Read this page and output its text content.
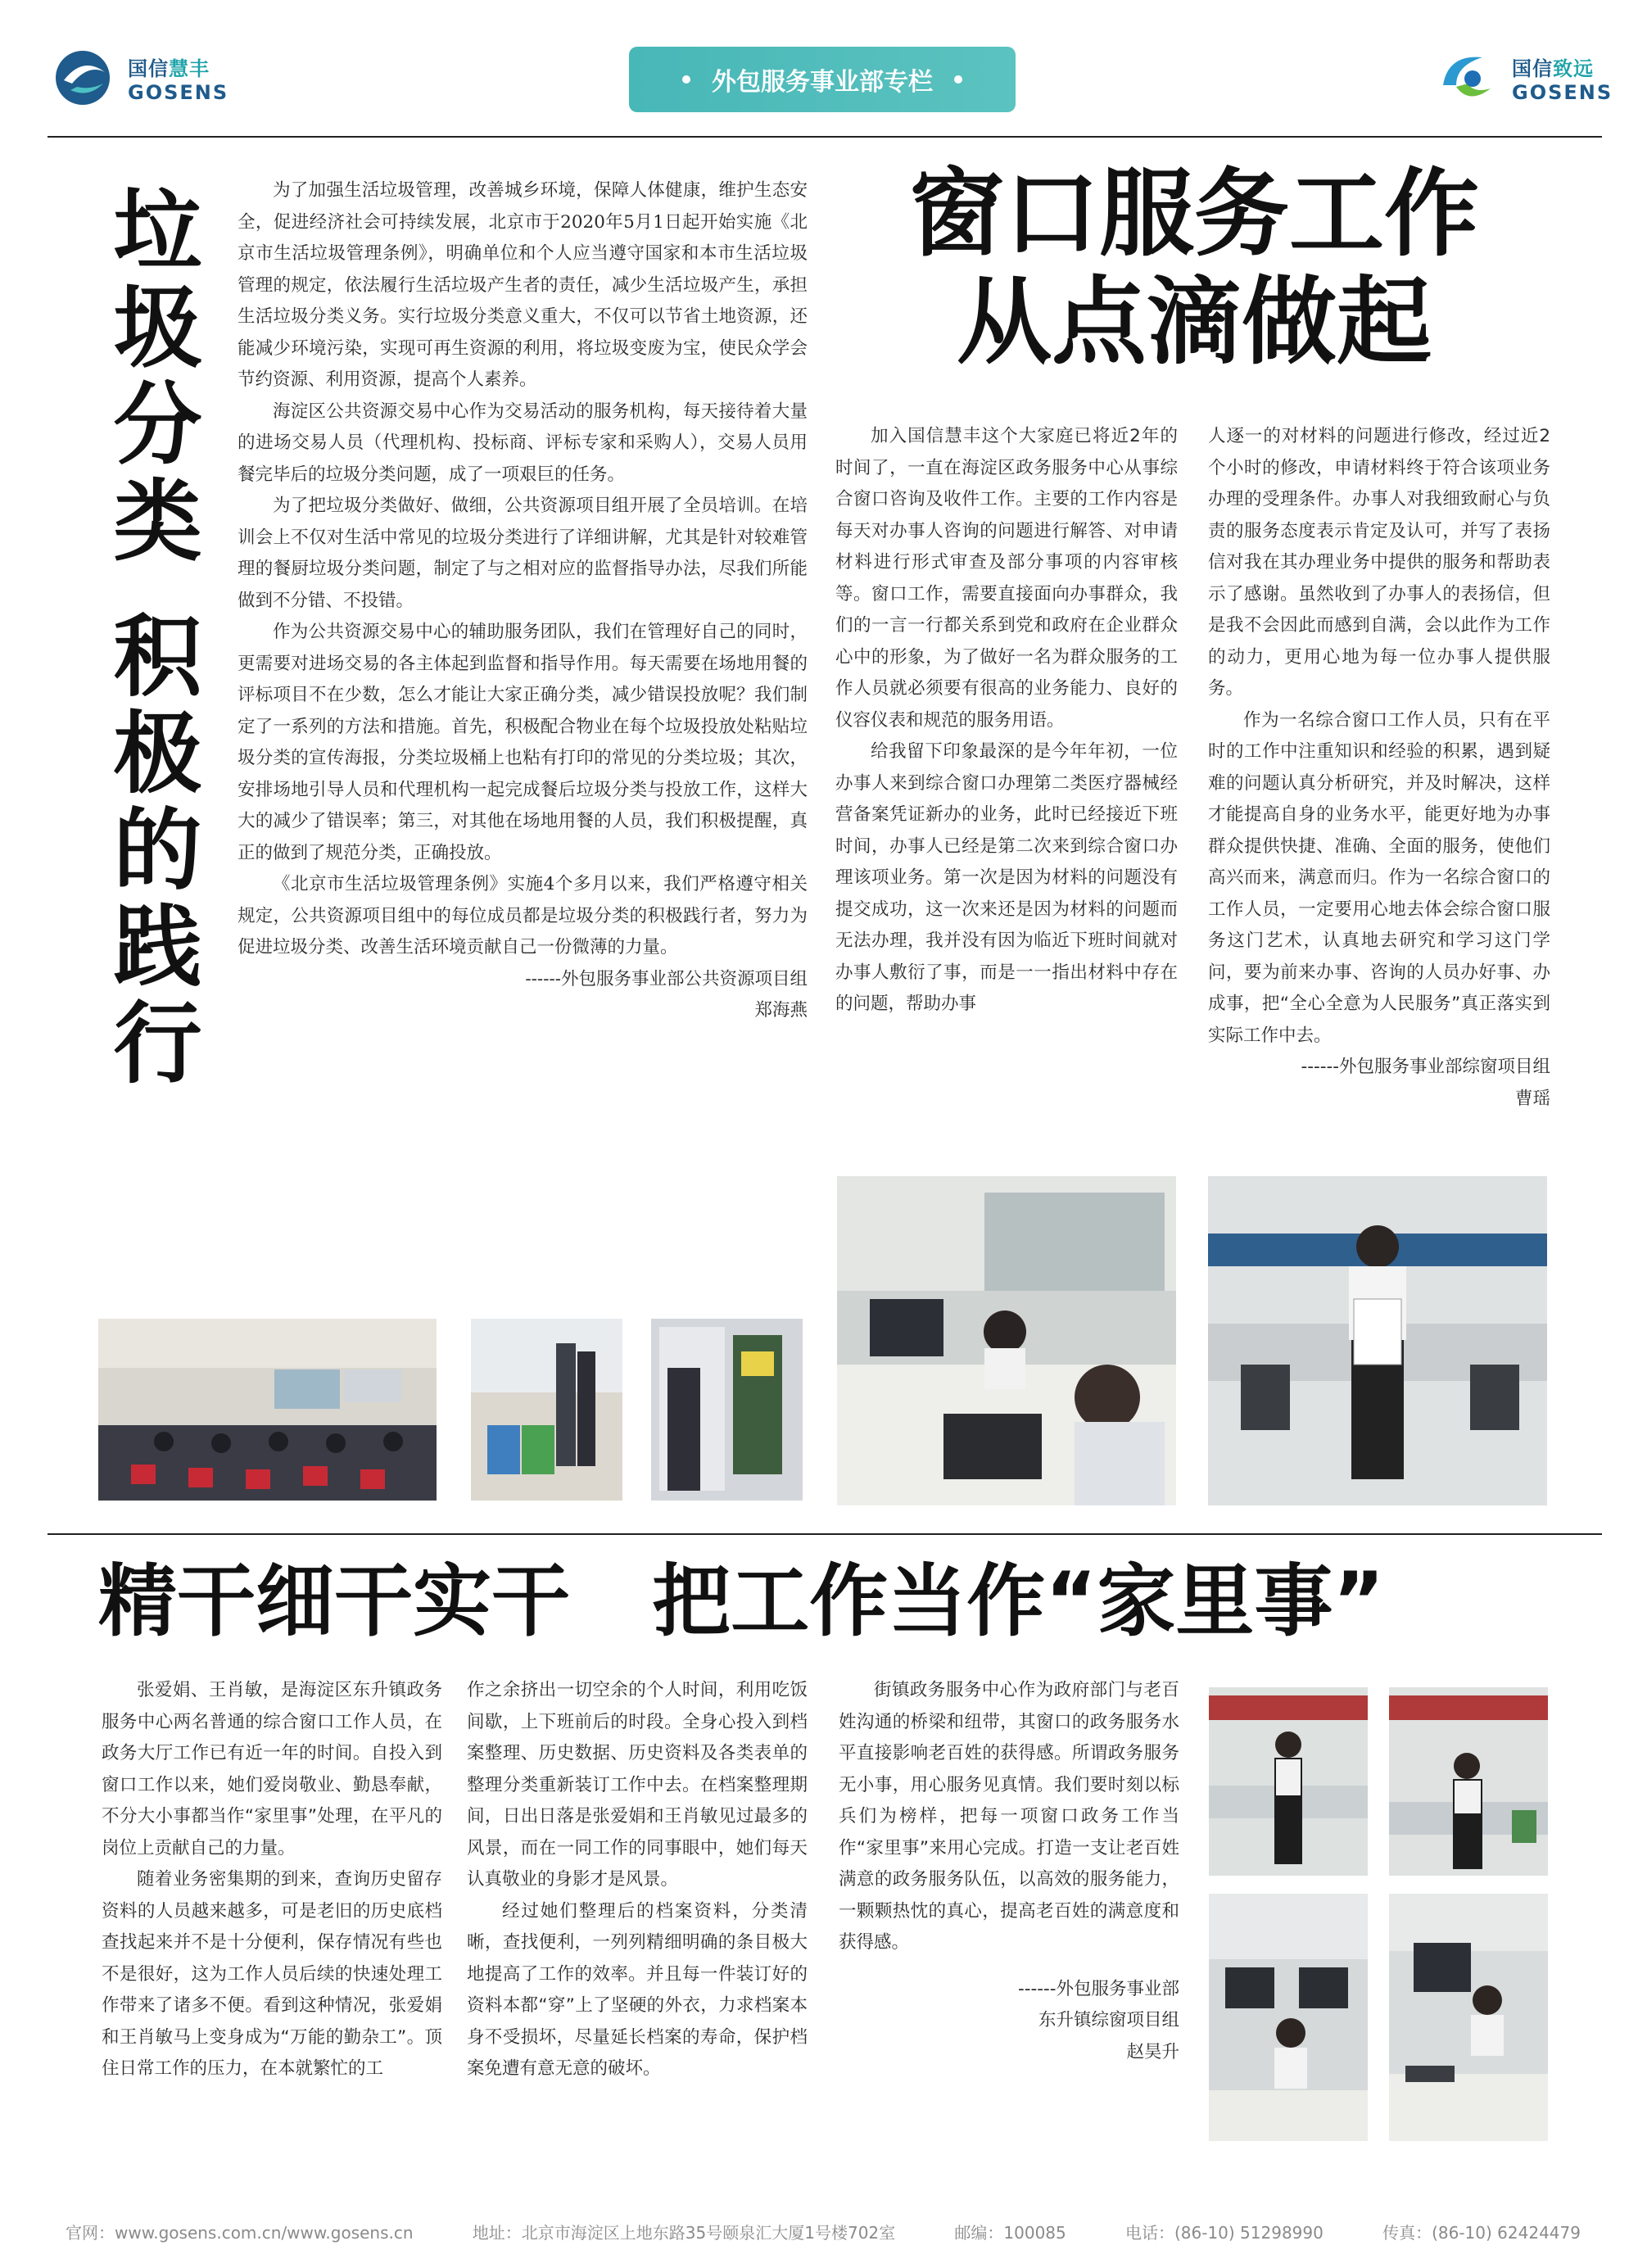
国信慧丰
GOSENS	外包服务事业部专栏	国信致远
GOSENS
垃圾分类 积极的践行	为了加强生活垃圾管理，改善城乡环境，保障人体健康，维护生态安全，促进经济社会可持续发展，北京市于2020年5月1日起开始实施《北京市生活垃圾管理条例》，明确单位和个人应当遵守国家和本市生活垃圾管理的规定，依法履行生活垃圾产生者的责任，减少生活垃圾产生，承担生活垃圾分类义务。实行垃圾分类意义重大，不仅可以节省土地资源，还能减少环境污染，实现可再生资源的利用，将垃圾变废为宝，使民众学会节约资源、利用资源，提高个人素养。

海淀区公共资源交易中心作为交易活动的服务机构，每天接待着大量的进场交易人员（代理机构、投标商、评标专家和采购人），交易人员用餐完毕后的垃圾分类问题，成了一项艰巨的任务。

为了把垃圾分类做好、做细，公共资源项目组开展了全员培训。在培训会上不仅对生活中常见的垃圾分类进行了详细讲解，尤其是针对较难管理的餐厨垃圾分类问题，制定了与之相对应的监督指导办法，尽我们所能做到不分错、不投错。

作为公共资源交易中心的辅助服务团队，我们在管理好自己的同时，更需要对进场交易的各主体起到监督和指导作用。每天需要在场地用餐的评标项目不在少数，怎么才能让大家正确分类，减少错误投放呢？我们制定了一系列的方法和措施。首先，积极配合物业在每个垃圾投放处粘贴垃圾分类的宣传海报，分类垃圾桶上也粘有打印的常见的分类垃圾；其次，安排场地引导人员和代理机构一起完成餐后垃圾分类与投放工作，这样大大的减少了错误率；第三，对其他在场地用餐的人员，我们积极提醒，真正的做到了规范分类，正确投放。

《北京市生活垃圾管理条例》实施4个多月以来，我们严格遵守相关规定，公共资源项目组中的每位成员都是垃圾分类的积极践行者，努力为促进垃圾分类、改善生活环境贡献自己一份微薄的力量。

------外包服务事业部公共资源项目组

郑海燕

窗口服务工作
从点滴做起

加入国信慧丰这个大家庭已将近2年的时间了，一直在海淀区政务服务中心从事综合窗口咨询及收件工作。主要的工作内容是每天对办事人咨询的问题进行解答、对申请材料进行形式审查及部分事项的内容审核等。窗口工作，需要直接面向办事群众，我们的一言一行都关系到党和政府在企业群众心中的形象，为了做好一名为群众服务的工作人员就必须要有很高的业务能力、良好的仪容仪表和规范的服务用语。

给我留下印象最深的是今年年初，一位办事人来到综合窗口办理第二类医疗器械经营备案凭证新办的业务，此时已经接近下班时间，办事人已经是第二次来到综合窗口办理该项业务。第一次是因为材料的问题没有提交成功，这一次来还是因为材料的问题而无法办理，我并没有因为临近下班时间就对办事人敷衍了事，而是一一指出材料中存在的问题，帮助办事

人逐一的对材料的问题进行修改，经过近2个小时的修改，申请材料终于符合该项业务办理的受理条件。办事人对我细致耐心与负责的服务态度表示肯定及认可，并写了表扬信对我在其办理业务中提供的服务和帮助表示了感谢。虽然收到了办事人的表扬信，但是我不会因此而感到自满，会以此作为工作的动力，更用心地为每一位办事人提供服务。

作为一名综合窗口工作人员，只有在平时的工作中注重知识和经验的积累，遇到疑难的问题认真分析研究，并及时解决，这样才能提高自身的业务水平，能更好地为办事群众提供快捷、准确、全面的服务，使他们高兴而来，满意而归。作为一名综合窗口的工作人员，一定要用心地去体会综合窗口服务这门艺术，认真地去研究和学习这门学问，要为前来办事、咨询的人员办好事、办成事，把“全心全意为人民服务”真正落实到实际工作中去。

------外包服务事业部综窗项目组

曹瑶

精干细干实干   把工作当作“家里事”

张爱娟、王肖敏，是海淀区东升镇政务服务中心两名普通的综合窗口工作人员，在政务大厅工作已有近一年的时间。自投入到窗口工作以来，她们爱岗敬业、勤恳奉献，不分大小事都当作“家里事”处理，在平凡的岗位上贡献自己的力量。

随着业务密集期的到来，查询历史留存资料的人员越来越多，可是老旧的历史底档查找起来并不是十分便利，保存情况有些也不是很好，这为工作人员后续的快速处理工作带来了诸多不便。看到这种情况，张爱娟和王肖敏马上变身成为“万能的勤杂工”。顶住日常工作的压力，在本就繁忙的工

作之余挤出一切空余的个人时间，利用吃饭间歇，上下班前后的时段。全身心投入到档案整理、历史数据、历史资料及各类表单的整理分类重新装订工作中去。在档案整理期间，日出日落是张爱娟和王肖敏见过最多的风景，而在一同工作的同事眼中，她们每天认真敬业的身影才是风景。

经过她们整理后的档案资料，分类清晰，查找便利，一列列精细明确的条目极大地提高了工作的效率。并且每一件装订好的资料本都“穿”上了坚硬的外衣，力求档案本身不受损坏，尽量延长档案的寿命，保护档案免遭有意无意的破坏。

街镇政务服务中心作为政府部门与老百姓沟通的桥梁和纽带，其窗口的政务服务水平直接影响老百姓的获得感。所谓政务服务无小事，用心服务见真情。我们要时刻以标兵们为榜样，把每一项窗口政务工作当作“家里事”来用心完成。打造一支让老百姓满意的政务服务队伍，以高效的服务能力，一颗颗热忱的真心，提高老百姓的满意度和获得感。

------外包服务事业部

东升镇综窗项目组

赵昊升

官网：www.gosens.com.cn/www.gosens.cn	地址：北京市海淀区上地东路35号颐泉汇大厦1号楼702室	邮编：100085	电话：(86-10) 51298990	传真：(86-10) 62424479
